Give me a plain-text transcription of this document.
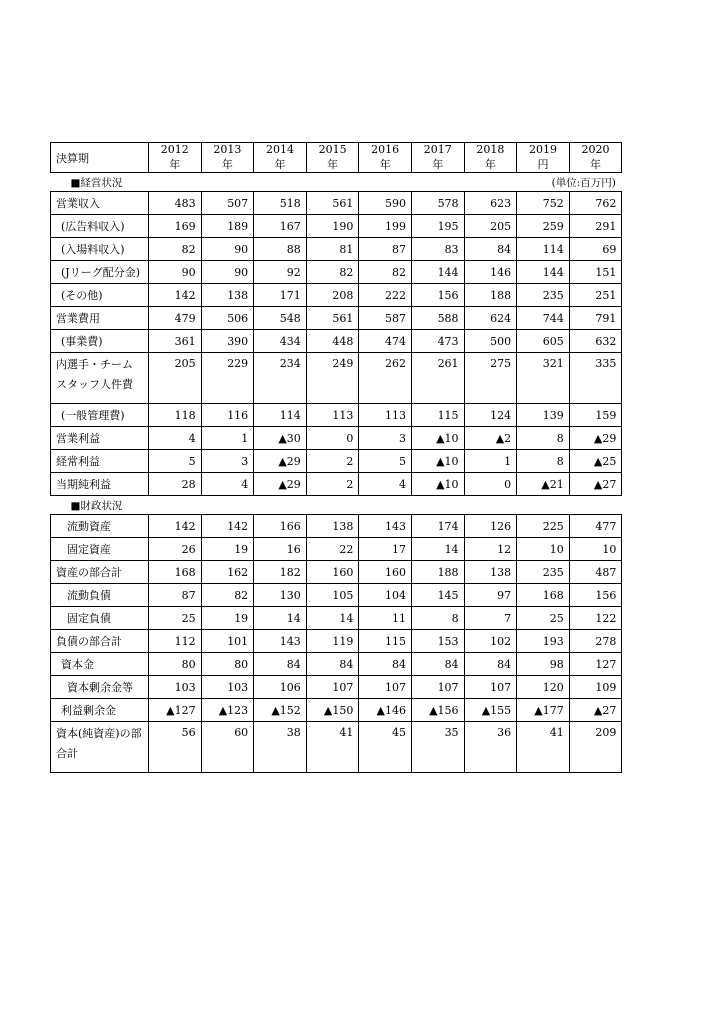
決算期	2012 年	2013 年	2014 年	2015 年	2016 年	2017 年	2018 年	2019 円	2020 年
■経営状況				(単位:百万円)					
営業収入	483	507	518	561	590	578	623	752	762
(広告料収入)	169	189	167	190	199	195	205	259	291
(入場料収入)	82	90	88	81	87	83	84	114	69
(Jリーグ配分金)	90	90	92	82	82	144	146	144	151
(その他)	142	138	171	208	222	156	188	235	251
営業費用	479	506	548	561	587	588	624	744	791
(事業費)	361	390	434	448	474	473	500	605	632
内選手・チームスタッフ人件費	205	229	234	249	262	261	275	321	335
(一般管理費)	118	116	114	113	113	115	124	139	159
営業利益	4	1	▲30	0	3	▲10	▲2	8	▲29
経常利益	5	3	▲29	2	5	▲10	1	8	▲25
当期純利益	28	4	▲29	2	4	▲10	0	▲21	▲27
■財政状況									
流動資産	142	142	166	138	143	174	126	225	477
固定資産	26	19	16	22	17	14	12	10	10
資産の部合計	168	162	182	160	160	188	138	235	487
流動負債	87	82	130	105	104	145	97	168	156
固定負債	25	19	14	14	11	8	7	25	122
負債の部合計	112	101	143	119	115	153	102	193	278
資本金	80	80	84	84	84	84	84	98	127
資本剰余金等	103	103	106	107	107	107	107	120	109
利益剰余金	▲127	▲123	▲152	▲150	▲146	▲156	▲155	▲177	▲27
資本(純資産)の部合計	56	60	38	41	45	35	36	41	209
